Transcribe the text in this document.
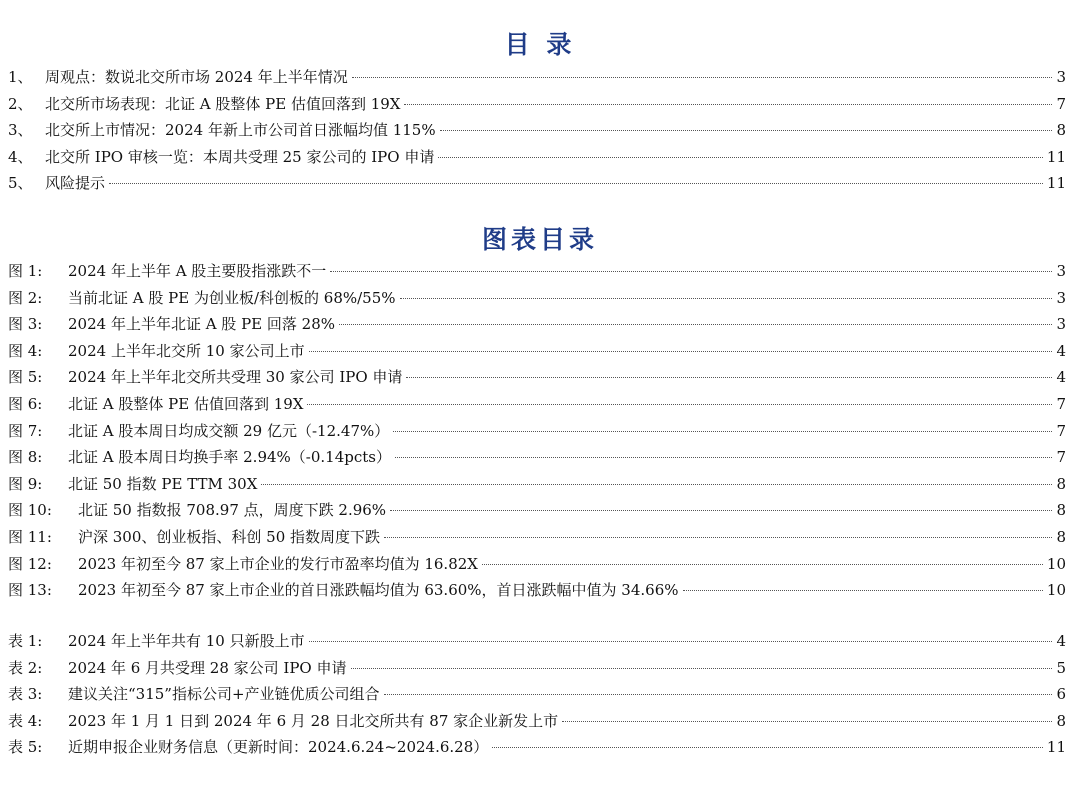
目 录
1、 周观点：数说北交所市场 2024 年上半年情况	3
2、 北交所市场表现：北证 A 股整体 PE 估值回落到 19X	7
3、 北交所上市情况：2024 年新上市公司首日涨幅均值 115%	8
4、 北交所 IPO 审核一览：本周共受理 25 家公司的 IPO 申请	11
5、 风险提示	11
图表目录
图 1:	2024 年上半年 A 股主要股指涨跌不一	3
图 2:	当前北证 A 股 PE 为创业板/科创板的 68%/55%	3
图 3:	2024 年上半年北证 A 股 PE 回落 28%	3
图 4:	2024 上半年北交所 10 家公司上市	4
图 5:	2024 年上半年北交所共受理 30 家公司 IPO 申请	4
图 6:	北证 A 股整体 PE 估值回落到 19X	7
图 7:	北证 A 股本周日均成交额 29 亿元（-12.47%）	7
图 8:	北证 A 股本周日均换手率 2.94%（-0.14pcts）	7
图 9:	北证 50 指数 PE TTM 30X	8
图 10:	北证 50 指数报 708.97 点，周度下跌 2.96%	8
图 11:	沪深 300、创业板指、科创 50 指数周度下跌	8
图 12:	2023 年初至今 87 家上市企业的发行市盈率均值为 16.82X	10
图 13:	2023 年初至今 87 家上市企业的首日涨跌幅均值为 63.60%，首日涨跌幅中值为 34.66%	10
表 1:	2024 年上半年共有 10 只新股上市	4
表 2:	2024 年 6 月共受理 28 家公司 IPO 申请	5
表 3:	建议关注“315”指标公司+产业链优质公司组合	6
表 4:	2023 年 1 月 1 日到 2024 年 6 月 28 日北交所共有 87 家企业新发上市	8
表 5:	近期申报企业财务信息（更新时间：2024.6.24~2024.6.28）	11
